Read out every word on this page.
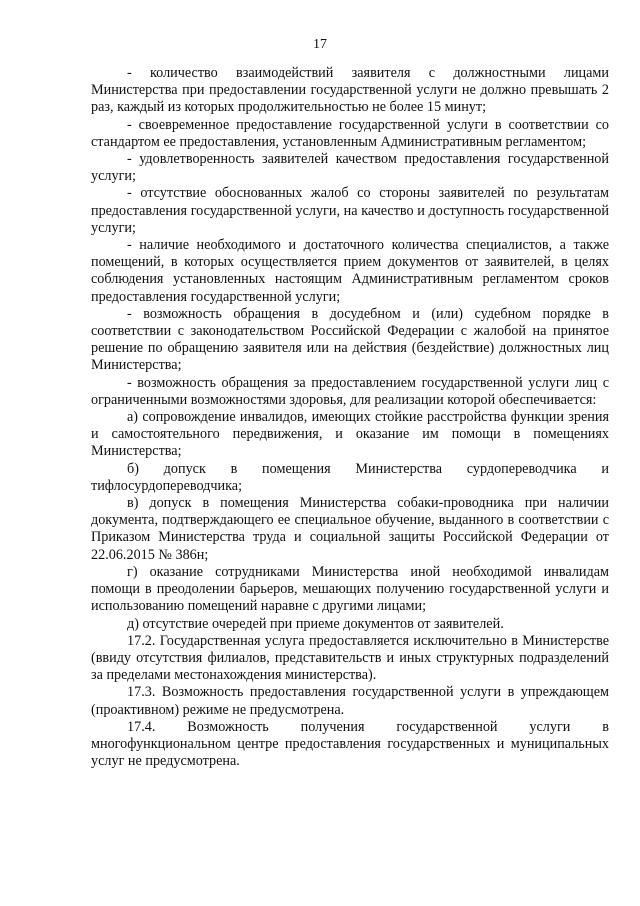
17

- количество взаимодействий заявителя с должностными лицами Министерства при предоставлении государственной услуги не должно превышать 2 раз, каждый из которых продолжительностью не более 15 минут;

- своевременное предоставление государственной услуги в соответствии со стандартом ее предоставления, установленным Административным регламентом;

- удовлетворенность заявителей качеством предоставления государственной услуги;

- отсутствие обоснованных жалоб со стороны заявителей по результатам предоставления государственной услуги, на качество и доступность государственной услуги;

- наличие необходимого и достаточного количества специалистов, а также помещений, в которых осуществляется прием документов от заявителей, в целях соблюдения установленных настоящим Административным регламентом сроков предоставления государственной услуги;

- возможность обращения в досудебном и (или) судебном порядке в соответствии с законодательством Российской Федерации с жалобой на принятое решение по обращению заявителя или на действия (бездействие) должностных лиц Министерства;

- возможность обращения за предоставлением государственной услуги лиц с ограниченными возможностями здоровья, для реализации которой обеспечивается:

а) сопровождение инвалидов, имеющих стойкие расстройства функции зрения и самостоятельного передвижения, и оказание им помощи в помещениях Министерства;

б) допуск в помещения Министерства сурдопереводчика и тифлосурдопереводчика;

в) допуск в помещения Министерства собаки-проводника при наличии документа, подтверждающего ее специальное обучение, выданного в соответствии с Приказом Министерства труда и социальной защиты Российской Федерации от 22.06.2015 № 386н;

г) оказание сотрудниками Министерства иной необходимой инвалидам помощи в преодолении барьеров, мешающих получению государственной услуги и использованию помещений наравне с другими лицами;

д) отсутствие очередей при приеме документов от заявителей.

17.2. Государственная услуга предоставляется исключительно в Министерстве (ввиду отсутствия филиалов, представительств и иных структурных подразделений за пределами местонахождения министерства).

17.3. Возможность предоставления государственной услуги в упреждающем (проактивном) режиме не предусмотрена.

17.4. Возможность получения государственной услуги в многофункциональном центре предоставления государственных и муниципальных услуг не предусмотрена.
